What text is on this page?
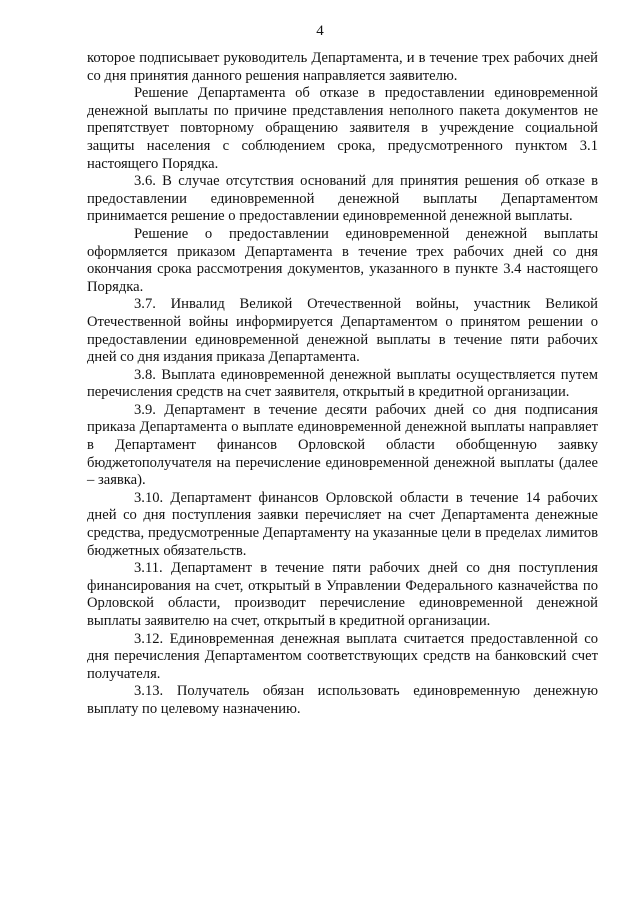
4

которое подписывает руководитель Департамента, и в течение трех рабочих дней со дня принятия данного решения направляется заявителю.

Решение Департамента об отказе в предоставлении единовременной денежной выплаты по причине представления неполного пакета документов не препятствует повторному обращению заявителя в учреждение социальной защиты населения с соблюдением срока, предусмотренного пунктом 3.1 настоящего Порядка.

3.6. В случае отсутствия оснований для принятия решения об отказе в предоставлении единовременной денежной выплаты Департаментом принимается решение о предоставлении единовременной денежной выплаты.

Решение о предоставлении единовременной денежной выплаты оформляется приказом Департамента в течение трех рабочих дней со дня окончания срока рассмотрения документов, указанного в пункте 3.4 настоящего Порядка.

3.7. Инвалид Великой Отечественной войны, участник Великой Отечественной войны информируется Департаментом о принятом решении о предоставлении единовременной денежной выплаты в течение пяти рабочих дней со дня издания приказа Департамента.

3.8. Выплата единовременной денежной выплаты осуществляется путем перечисления средств на счет заявителя, открытый в кредитной организации.

3.9. Департамент в течение десяти рабочих дней со дня подписания приказа Департамента о выплате единовременной денежной выплаты направляет в Департамент финансов Орловской области обобщенную заявку бюджетополучателя на перечисление единовременной денежной выплаты (далее – заявка).

3.10. Департамент финансов Орловской области в течение 14 рабочих дней со дня поступления заявки перечисляет на счет Департамента денежные средства, предусмотренные Департаменту на указанные цели в пределах лимитов бюджетных обязательств.

3.11. Департамент в течение пяти рабочих дней со дня поступления финансирования на счет, открытый в Управлении Федерального казначейства по Орловской области, производит перечисление единовременной денежной выплаты заявителю на счет, открытый в кредитной организации.

3.12. Единовременная денежная выплата считается предоставленной со дня перечисления Департаментом соответствующих средств на банковский счет получателя.

3.13. Получатель обязан использовать единовременную денежную выплату по целевому назначению.
